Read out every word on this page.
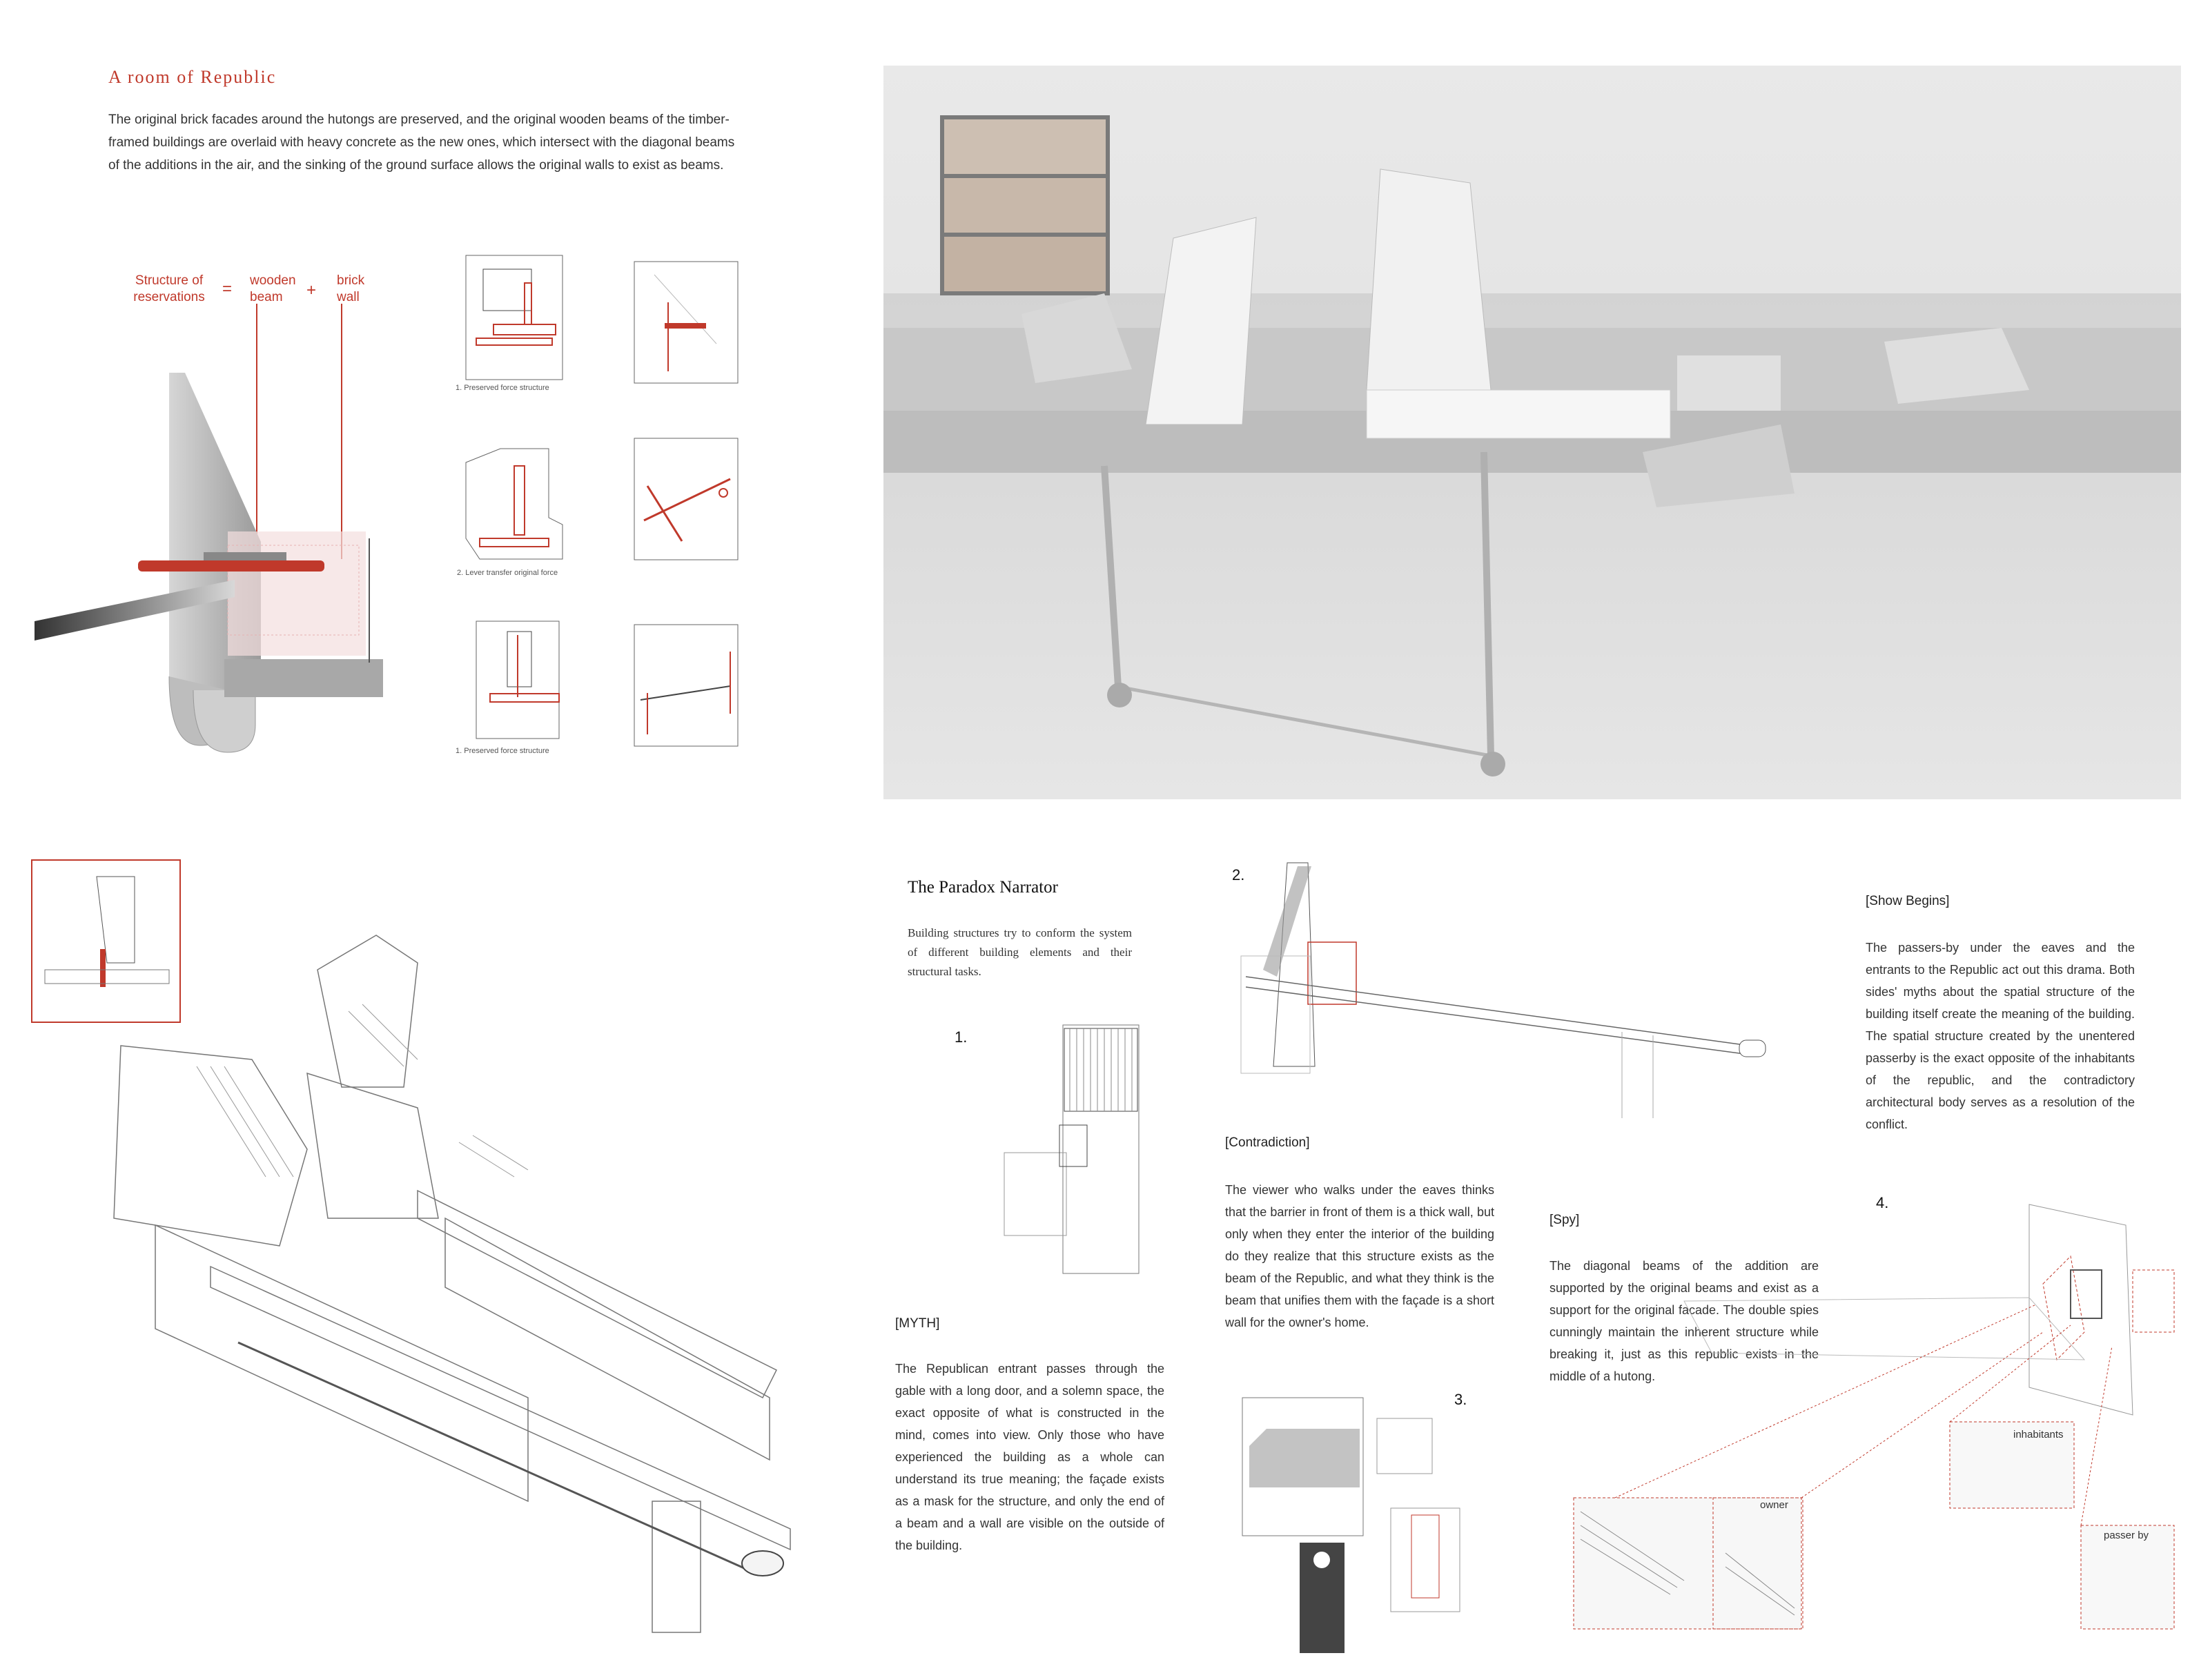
A room of Republic
The original brick facades around the hutongs are preserved, and the original wooden beams of the timber-framed buildings are overlaid with heavy concrete as the new ones, which intersect with the diagonal beams of the additions in the air, and the sinking of the ground surface allows the original walls to exist as beams.
Structure of reservations	= wooden beam	+
brick wall
1. Preserved force structure
2. Lever transfer original force
1. Preserved force structure
The Paradox Narrator
Building structures try to conform the system of different building elements and their structural tasks.
1.
[MYTH]
The Republican entrant passes through the gable with a long door, and a solemn space, the exact opposite of what is constructed in the mind, comes into view. Only those who have experienced the building as a whole can understand its true meaning; the façade exists as a mask for the structure, and only the end of a beam and a wall are visible on the outside of the building.
2.
[Contradiction]
The viewer who walks under the eaves thinks that the barrier in front of them is a thick wall, but only when they enter the interior of the building do they realize that this structure exists as the beam of the Republic, and what they think is the beam that unifies them with the façade is a short wall for the owner's home.
3.
[Spy]
The diagonal beams of the addition are supported by the original beams and exist as a support for the original facade. The double spies cunningly maintain the inherent structure while breaking it, just as this republic exists in the middle of a hutong.
[Show Begins]
The passers-by under the eaves and the entrants to the Republic act out this drama. Both sides' myths about the spatial structure of the building itself create the meaning of the building. The spatial structure created by the unentered passerby is the exact opposite of the inhabitants of the republic, and the contradictory architectural body serves as a resolution of the conflict.
4.
owner
inhabitants
passer by
